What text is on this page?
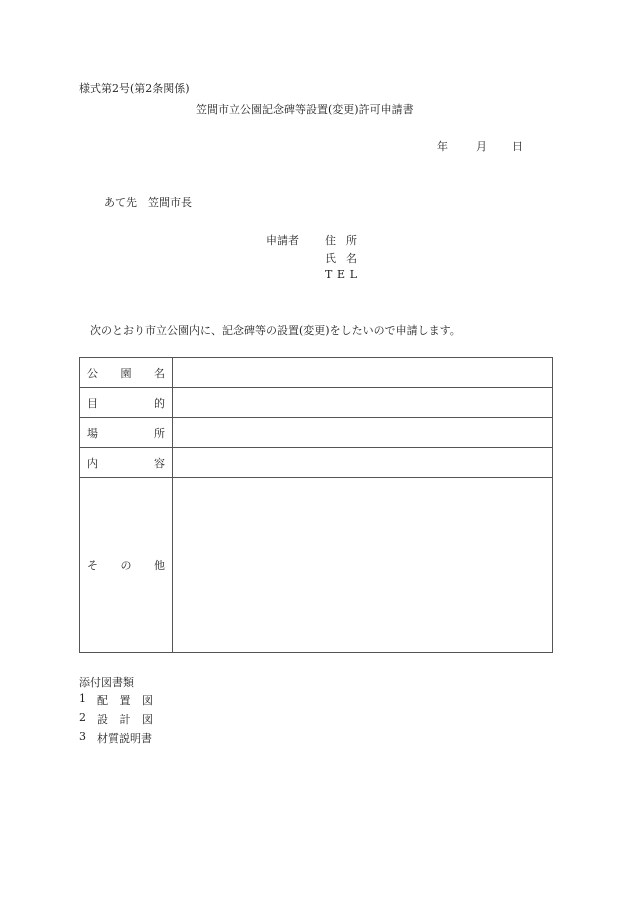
様式第2号(第2条関係)
笠間市立公園記念碑等設置(変更)許可申請書
年	月 日
あて先　笠間市長
申請者 住 所
氏 名
T E L
次のとおり市立公園内に、記念碑等の設置(変更)をしたいので申請します。
公 園 名	

目 的	

場 所	

内 容	

そ の 他	

添付図書類
1 配 置 図
2 設 計 図
3 材質説明書
